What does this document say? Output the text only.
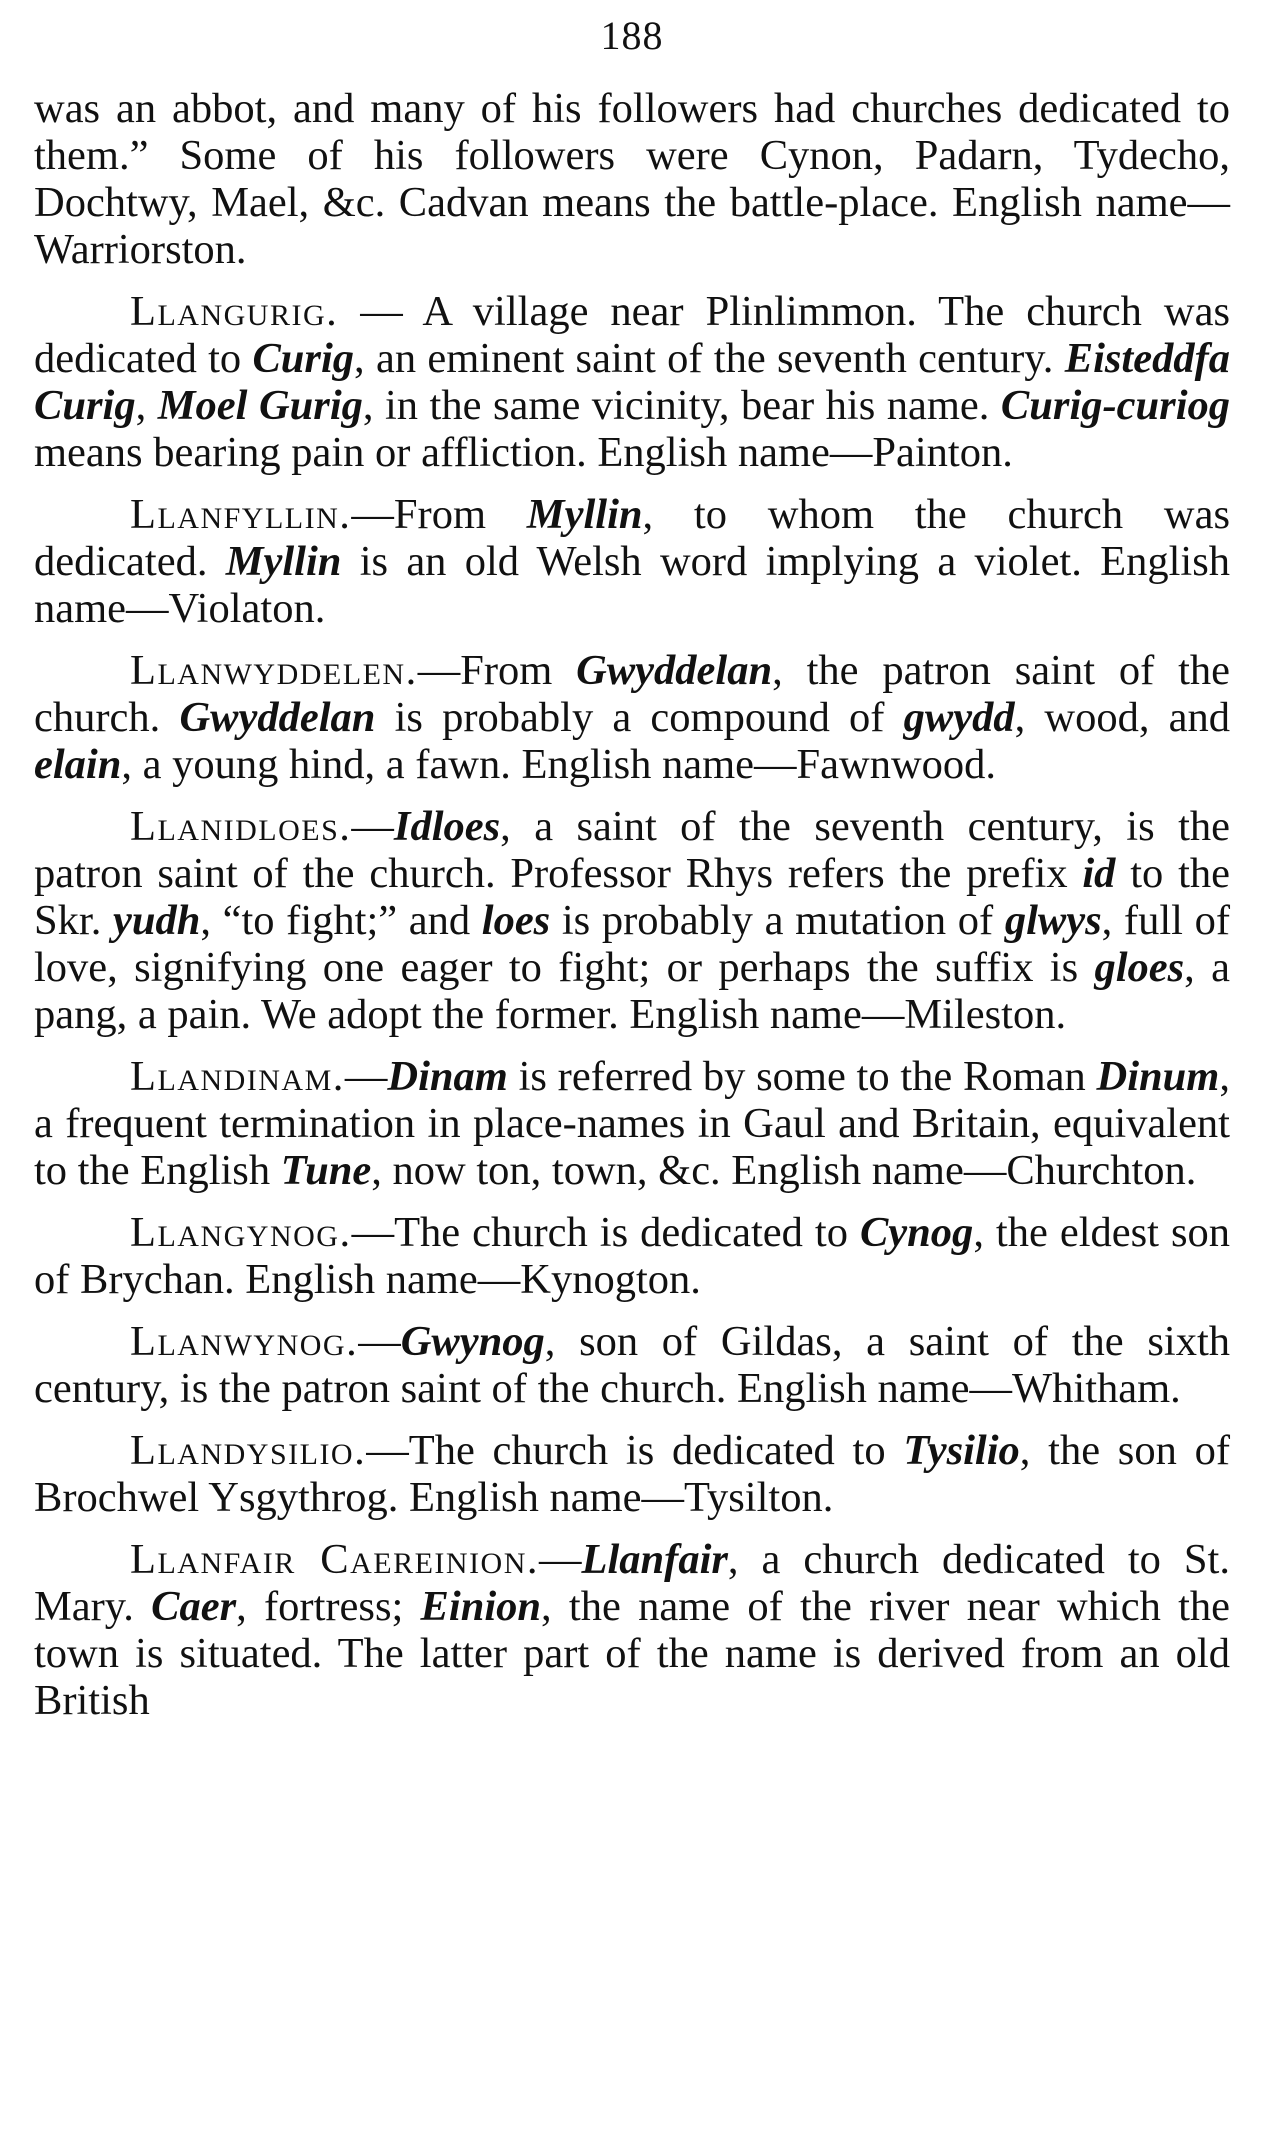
188

was an abbot, and many of his followers had churches dedicated to them.” Some of his followers were Cynon, Padarn, Tydecho, Dochtwy, Mael, &c. Cadvan means the battle-place. English name—Warriorston.

Llangurig. — A village near Plinlimmon. The church was dedicated to Curig, an eminent saint of the seventh century. Eisteddfa Curig, Moel Gurig, in the same vicinity, bear his name. Curig-curiog means bearing pain or affliction. English name—Painton.

Llanfyllin.—From Myllin, to whom the church was dedicated. Myllin is an old Welsh word implying a violet. English name—Violaton.

Llanwyddelen.—From Gwyddelan, the patron saint of the church. Gwyddelan is probably a compound of gwydd, wood, and elain, a young hind, a fawn. English name—Fawnwood.

Llanidloes.—Idloes, a saint of the seventh century, is the patron saint of the church. Professor Rhys refers the prefix id to the Skr. yudh, “to fight;” and loes is probably a mutation of glwys, full of love, signifying one eager to fight; or perhaps the suffix is gloes, a pang, a pain. We adopt the former. English name—Mileston.

Llandinam.—Dinam is referred by some to the Roman Dinum, a frequent termination in place-names in Gaul and Britain, equivalent to the English Tune, now ton, town, &c. English name—Churchton.

Llangynog.—The church is dedicated to Cynog, the eldest son of Brychan. English name—Kynogton.

Llanwynog.—Gwynog, son of Gildas, a saint of the sixth century, is the patron saint of the church. English name—Whitham.

Llandysilio.—The church is dedicated to Tysilio, the son of Brochwel Ysgythrog. English name—Tysilton.

Llanfair Caereinion.—Llanfair, a church dedicated to St. Mary. Caer, fortress; Einion, the name of the river near which the town is situated. The latter part of the name is derived from an old British
